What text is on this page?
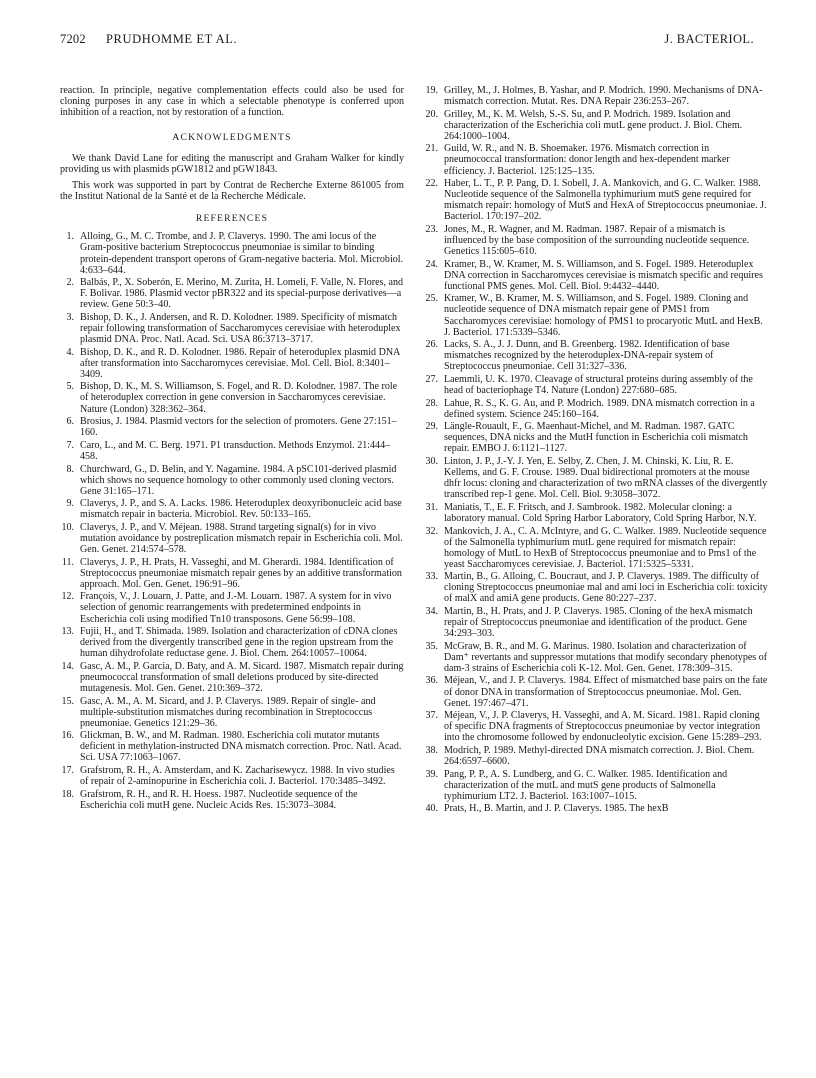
7202 PRUDHOMME ET AL.	J. BACTERIOL.

reaction. In principle, negative complementation effects could also be used for cloning purposes in any case in which a selectable phenotype is conferred upon inhibition of a reaction, not by restoration of a function.

ACKNOWLEDGMENTS

We thank David Lane for editing the manuscript and Graham Walker for kindly providing us with plasmids pGW1812 and pGW1843.

This work was supported in part by Contrat de Recherche Externe 861005 from the Institut National de la Santé et de la Recherche Médicale.

REFERENCES
1. Alloing, G., M. C. Trombe, and J. P. Claverys. 1990. The ami locus of the Gram-positive bacterium Streptococcus pneumoniae is similar to binding protein-dependent transport operons of Gram-negative bacteria. Mol. Microbiol. 4:633–644.
2. Balbás, P., X. Soberón, E. Merino, M. Zurita, H. Lomeli, F. Valle, N. Flores, and F. Bolivar. 1986. Plasmid vector pBR322 and its special-purpose derivatives—a review. Gene 50:3–40.
3. Bishop, D. K., J. Andersen, and R. D. Kolodner. 1989. Specificity of mismatch repair following transformation of Saccharomyces cerevisiae with heteroduplex plasmid DNA. Proc. Natl. Acad. Sci. USA 86:3713–3717.
4. Bishop, D. K., and R. D. Kolodner. 1986. Repair of heteroduplex plasmid DNA after transformation into Saccharomyces cerevisiae. Mol. Cell. Biol. 8:3401–3409.
5. Bishop, D. K., M. S. Williamson, S. Fogel, and R. D. Kolodner. 1987. The role of heteroduplex correction in gene conversion in Saccharomyces cerevisiae. Nature (London) 328:362–364.
6. Brosius, J. 1984. Plasmid vectors for the selection of promoters. Gene 27:151–160.
7. Caro, L., and M. C. Berg. 1971. P1 transduction. Methods Enzymol. 21:444–458.
8. Churchward, G., D. Belin, and Y. Nagamine. 1984. A pSC101-derived plasmid which shows no sequence homology to other commonly used cloning vectors. Gene 31:165–171.
9. Claverys, J. P., and S. A. Lacks. 1986. Heteroduplex deoxyribonucleic acid base mismatch repair in bacteria. Microbiol. Rev. 50:133–165.
10. Claverys, J. P., and V. Méjean. 1988. Strand targeting signal(s) for in vivo mutation avoidance by postreplication mismatch repair in Escherichia coli. Mol. Gen. Genet. 214:574–578.
11. Claverys, J. P., H. Prats, H. Vasseghi, and M. Gherardi. 1984. Identification of Streptococcus pneumoniae mismatch repair genes by an additive transformation approach. Mol. Gen. Genet. 196:91–96.
12. François, V., J. Louarn, J. Patte, and J.-M. Louarn. 1987. A system for in vivo selection of genomic rearrangements with predetermined endpoints in Escherichia coli using modified Tn10 transposons. Gene 56:99–108.
13. Fujii, H., and T. Shimada. 1989. Isolation and characterization of cDNA clones derived from the divergently transcribed gene in the region upstream from the human dihydrofolate reductase gene. J. Biol. Chem. 264:10057–10064.
14. Gasc, A. M., P. Garcia, D. Baty, and A. M. Sicard. 1987. Mismatch repair during pneumococcal transformation of small deletions produced by site-directed mutagenesis. Mol. Gen. Genet. 210:369–372.
15. Gasc, A. M., A. M. Sicard, and J. P. Claverys. 1989. Repair of single- and multiple-substitution mismatches during recombination in Streptococcus pneumoniae. Genetics 121:29–36.
16. Glickman, B. W., and M. Radman. 1980. Escherichia coli mutator mutants deficient in methylation-instructed DNA mismatch correction. Proc. Natl. Acad. Sci. USA 77:1063–1067.
17. Grafstrom, R. H., A. Amsterdam, and K. Zacharisewycz. 1988. In vivo studies of repair of 2-aminopurine in Escherichia coli. J. Bacteriol. 170:3485–3492.
18. Grafstrom, R. H., and R. H. Hoess. 1987. Nucleotide sequence of the Escherichia coli mutH gene. Nucleic Acids Res. 15:3073–3084.
19. Grilley, M., J. Holmes, B. Yashar, and P. Modrich. 1990. Mechanisms of DNA-mismatch correction. Mutat. Res. DNA Repair 236:253–267.
20. Grilley, M., K. M. Welsh, S.-S. Su, and P. Modrich. 1989. Isolation and characterization of the Escherichia coli mutL gene product. J. Biol. Chem. 264:1000–1004.
21. Guild, W. R., and N. B. Shoemaker. 1976. Mismatch correction in pneumococcal transformation: donor length and hex-dependent marker efficiency. J. Bacteriol. 125:125–135.
22. Haber, L. T., P. P. Pang, D. I. Sobell, J. A. Mankovich, and G. C. Walker. 1988. Nucleotide sequence of the Salmonella typhimurium mutS gene required for mismatch repair: homology of MutS and HexA of Streptococcus pneumoniae. J. Bacteriol. 170:197–202.
23. Jones, M., R. Wagner, and M. Radman. 1987. Repair of a mismatch is influenced by the base composition of the surrounding nucleotide sequence. Genetics 115:605–610.
24. Kramer, B., W. Kramer, M. S. Williamson, and S. Fogel. 1989. Heteroduplex DNA correction in Saccharomyces cerevisiae is mismatch specific and requires functional PMS genes. Mol. Cell. Biol. 9:4432–4440.
25. Kramer, W., B. Kramer, M. S. Williamson, and S. Fogel. 1989. Cloning and nucleotide sequence of DNA mismatch repair gene of PMS1 from Saccharomyces cerevisiae: homology of PMS1 to procaryotic MutL and HexB. J. Bacteriol. 171:5339–5346.
26. Lacks, S. A., J. J. Dunn, and B. Greenberg. 1982. Identification of base mismatches recognized by the heteroduplex-DNA-repair system of Streptococcus pneumoniae. Cell 31:327–336.
27. Laemmli, U. K. 1970. Cleavage of structural proteins during assembly of the head of bacteriophage T4. Nature (London) 227:680–685.
28. Lahue, R. S., K. G. Au, and P. Modrich. 1989. DNA mismatch correction in a defined system. Science 245:160–164.
29. Längle-Rouault, F., G. Maenhaut-Michel, and M. Radman. 1987. GATC sequences, DNA nicks and the MutH function in Escherichia coli mismatch repair. EMBO J. 6:1121–1127.
30. Linton, J. P., J.-Y. J. Yen, E. Selby, Z. Chen, J. M. Chinski, K. Liu, R. E. Kellems, and G. F. Crouse. 1989. Dual bidirectional promoters at the mouse dhfr locus: cloning and characterization of two mRNA classes of the divergently transcribed rep-1 gene. Mol. Cell. Biol. 9:3058–3072.
31. Maniatis, T., E. F. Fritsch, and J. Sambrook. 1982. Molecular cloning: a laboratory manual. Cold Spring Harbor Laboratory, Cold Spring Harbor, N.Y.
32. Mankovich, J. A., C. A. McIntyre, and G. C. Walker. 1989. Nucleotide sequence of the Salmonella typhimurium mutL gene required for mismatch repair: homology of MutL to HexB of Streptococcus pneumoniae and to Pms1 of the yeast Saccharomyces cerevisiae. J. Bacteriol. 171:5325–5331.
33. Martin, B., G. Alloing, C. Boucraut, and J. P. Claverys. 1989. The difficulty of cloning Streptococcus pneumoniae mal and ami loci in Escherichia coli: toxicity of malX and amiA gene products. Gene 80:227–237.
34. Martin, B., H. Prats, and J. P. Claverys. 1985. Cloning of the hexA mismatch repair of Streptococcus pneumoniae and identification of the product. Gene 34:293–303.
35. McGraw, B. R., and M. G. Marinus. 1980. Isolation and characterization of Dam⁺ revertants and suppressor mutations that modify secondary phenotypes of dam-3 strains of Escherichia coli K-12. Mol. Gen. Genet. 178:309–315.
36. Méjean, V., and J. P. Claverys. 1984. Effect of mismatched base pairs on the fate of donor DNA in transformation of Streptococcus pneumoniae. Mol. Gen. Genet. 197:467–471.
37. Méjean, V., J. P. Claverys, H. Vasseghi, and A. M. Sicard. 1981. Rapid cloning of specific DNA fragments of Streptococcus pneumoniae by vector integration into the chromosome followed by endonucleolytic excision. Gene 15:289–293.
38. Modrich, P. 1989. Methyl-directed DNA mismatch correction. J. Biol. Chem. 264:6597–6600.
39. Pang, P. P., A. S. Lundberg, and G. C. Walker. 1985. Identification and characterization of the mutL and mutS gene products of Salmonella typhimurium LT2. J. Bacteriol. 163:1007–1015.
40. Prats, H., B. Martin, and J. P. Claverys. 1985. The hexB
